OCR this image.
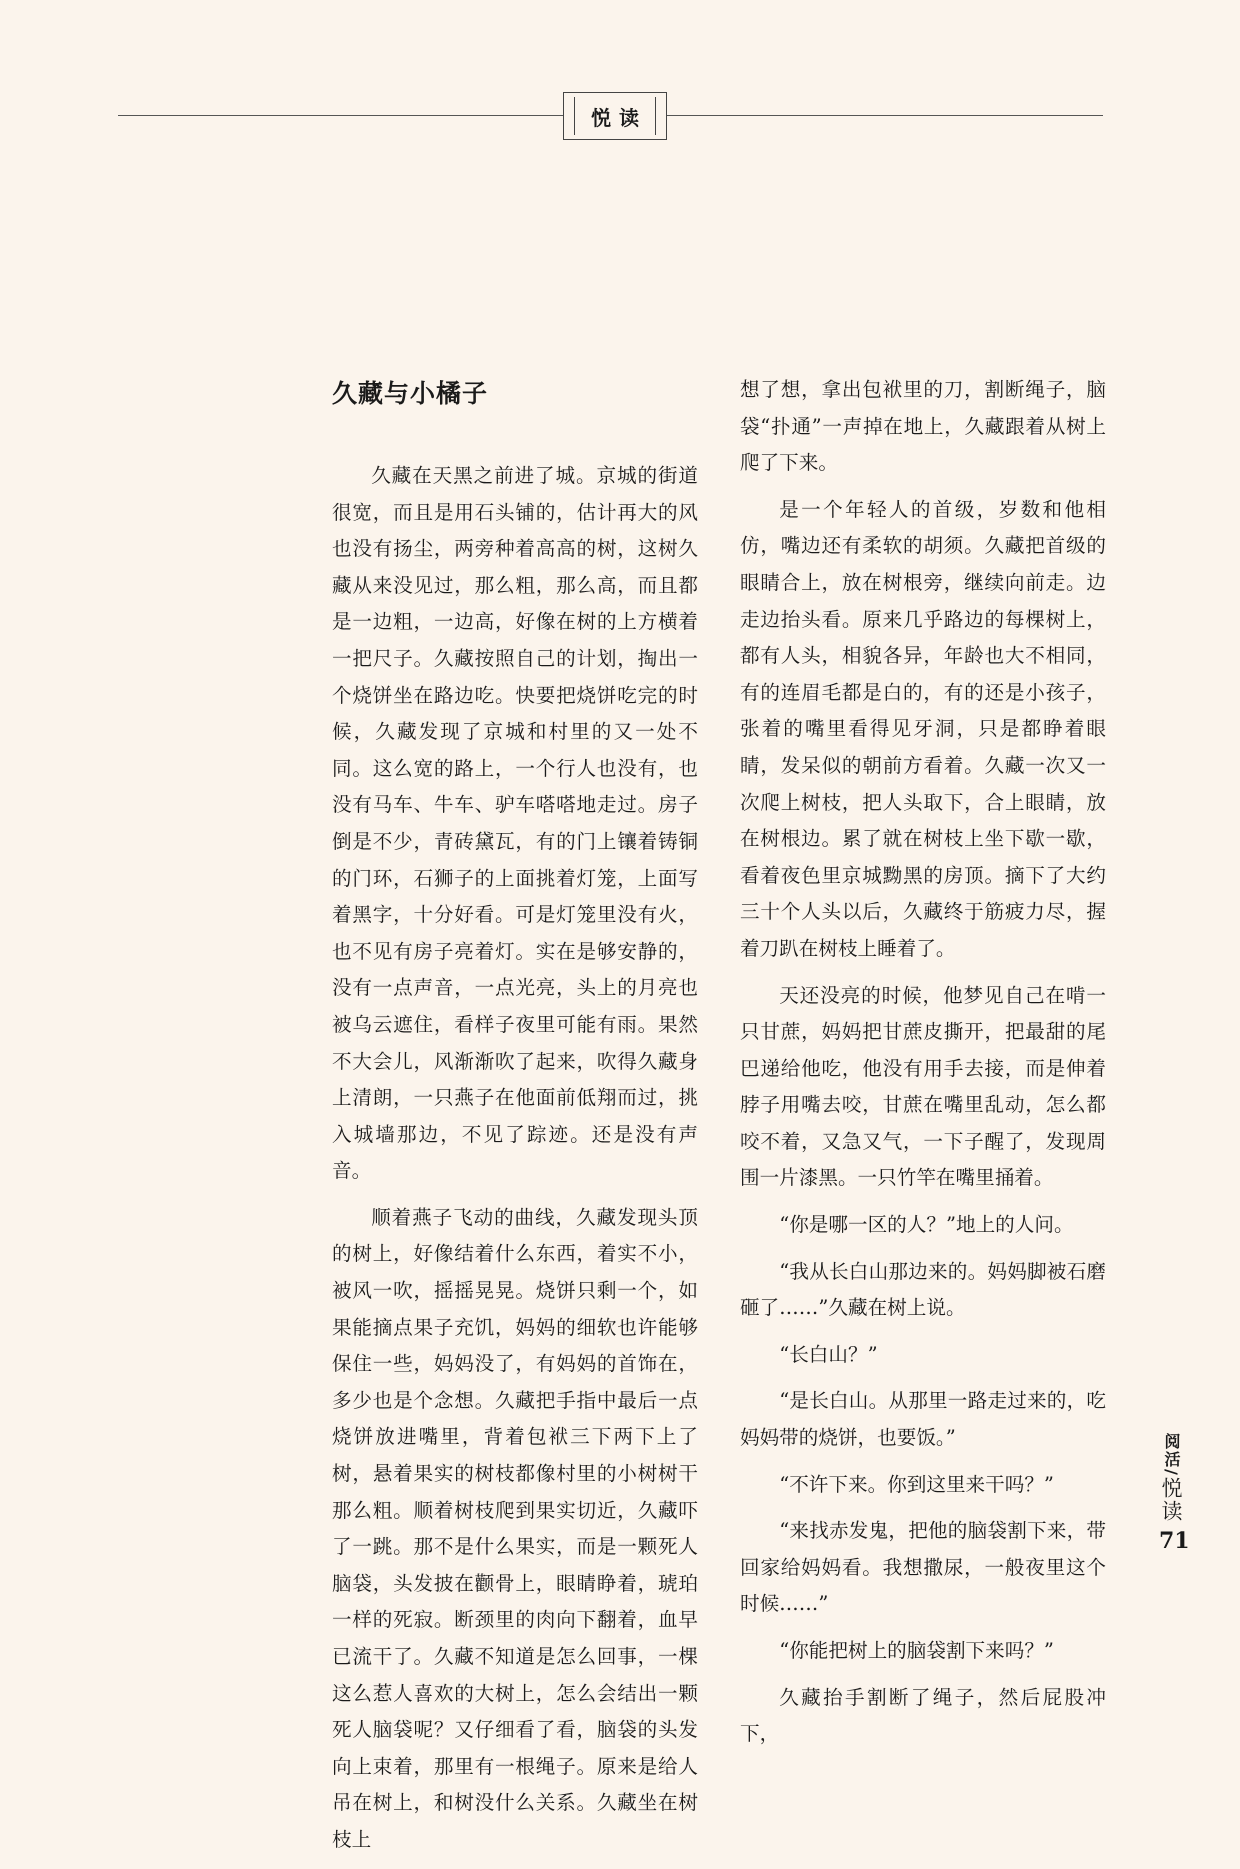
悦读
久藏与小橘子

久藏在天黑之前进了城。京城的街道很宽，而且是用石头铺的，估计再大的风也没有扬尘，两旁种着高高的树，这树久藏从来没见过，那么粗，那么高，而且都是一边粗，一边高，好像在树的上方横着一把尺子。久藏按照自己的计划，掏出一个烧饼坐在路边吃。快要把烧饼吃完的时候，久藏发现了京城和村里的又一处不同。这么宽的路上，一个行人也没有，也没有马车、牛车、驴车嗒嗒地走过。房子倒是不少，青砖黛瓦，有的门上镶着铸铜的门环，石狮子的上面挑着灯笼，上面写着黑字，十分好看。可是灯笼里没有火，也不见有房子亮着灯。实在是够安静的，没有一点声音，一点光亮，头上的月亮也被乌云遮住，看样子夜里可能有雨。果然不大会儿，风渐渐吹了起来，吹得久藏身上清朗，一只燕子在他面前低翔而过，挑入城墙那边，不见了踪迹。还是没有声音。

顺着燕子飞动的曲线，久藏发现头顶的树上，好像结着什么东西，着实不小，被风一吹，摇摇晃晃。烧饼只剩一个，如果能摘点果子充饥，妈妈的细软也许能够保住一些，妈妈没了，有妈妈的首饰在，多少也是个念想。久藏把手指中最后一点烧饼放进嘴里，背着包袱三下两下上了树，悬着果实的树枝都像村里的小树树干那么粗。顺着树枝爬到果实切近，久藏吓了一跳。那不是什么果实，而是一颗死人脑袋，头发披在颧骨上，眼睛睁着，琥珀一样的死寂。断颈里的肉向下翻着，血早已流干了。久藏不知道是怎么回事，一棵这么惹人喜欢的大树上，怎么会结出一颗死人脑袋呢？又仔细看了看，脑袋的头发向上束着，那里有一根绳子。原来是给人吊在树上，和树没什么关系。久藏坐在树枝上

想了想，拿出包袱里的刀，割断绳子，脑袋“扑通”一声掉在地上，久藏跟着从树上爬了下来。

是一个年轻人的首级，岁数和他相仿，嘴边还有柔软的胡须。久藏把首级的眼睛合上，放在树根旁，继续向前走。边走边抬头看。原来几乎路边的每棵树上，都有人头，相貌各异，年龄也大不相同，有的连眉毛都是白的，有的还是小孩子，张着的嘴里看得见牙洞，只是都睁着眼睛，发呆似的朝前方看着。久藏一次又一次爬上树枝，把人头取下，合上眼睛，放在树根边。累了就在树枝上坐下歇一歇，看着夜色里京城黝黑的房顶。摘下了大约三十个人头以后，久藏终于筋疲力尽，握着刀趴在树枝上睡着了。

天还没亮的时候，他梦见自己在啃一只甘蔗，妈妈把甘蔗皮撕开，把最甜的尾巴递给他吃，他没有用手去接，而是伸着脖子用嘴去咬，甘蔗在嘴里乱动，怎么都咬不着，又急又气，一下子醒了，发现周围一片漆黑。一只竹竿在嘴里捅着。

“你是哪一区的人？”地上的人问。

“我从长白山那边来的。妈妈脚被石磨砸了……”久藏在树上说。

“长白山？”

“是长白山。从那里一路走过来的，吃妈妈带的烧饼，也要饭。”

“不许下来。你到这里来干吗？”

“来找赤发鬼，把他的脑袋割下来，带回家给妈妈看。我想撒尿，一般夜里这个时候……”

“你能把树上的脑袋割下来吗？”

久藏抬手割断了绳子，然后屁股冲下，

阅活/悦读
71
